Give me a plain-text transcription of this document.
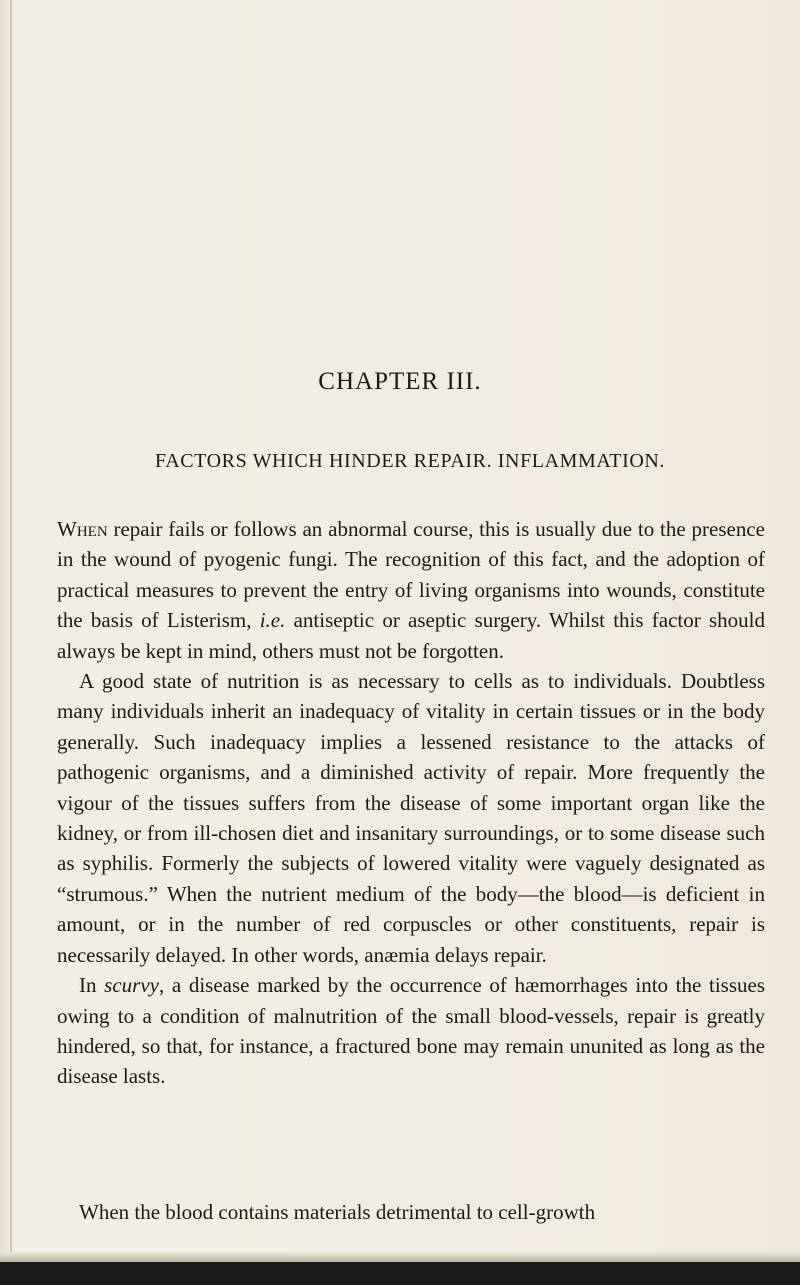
CHAPTER III.
FACTORS WHICH HINDER REPAIR. INFLAMMATION.

When repair fails or follows an abnormal course, this is usually due to the presence in the wound of pyogenic fungi. The recognition of this fact, and the adoption of practical measures to prevent the entry of living organisms into wounds, constitute the basis of Listerism, i.e. antiseptic or aseptic surgery. Whilst this factor should always be kept in mind, others must not be forgotten.

A good state of nutrition is as necessary to cells as to individuals. Doubtless many individuals inherit an inadequacy of vitality in certain tissues or in the body generally. Such inadequacy implies a lessened resistance to the attacks of pathogenic organisms, and a diminished activity of repair. More frequently the vigour of the tissues suffers from the disease of some important organ like the kidney, or from ill-chosen diet and insanitary surroundings, or to some disease such as syphilis. Formerly the subjects of lowered vitality were vaguely designated as “strumous.” When the nutrient medium of the body—the blood—is deficient in amount, or in the number of red corpuscles or other constituents, repair is necessarily delayed. In other words, anæmia delays repair.

In scurvy, a disease marked by the occurrence of hæmorrhages into the tissues owing to a condition of malnutrition of the small blood-vessels, repair is greatly hindered, so that, for instance, a fractured bone may remain ununited as long as the disease lasts.

When the blood contains materials detrimental to cell-growth
